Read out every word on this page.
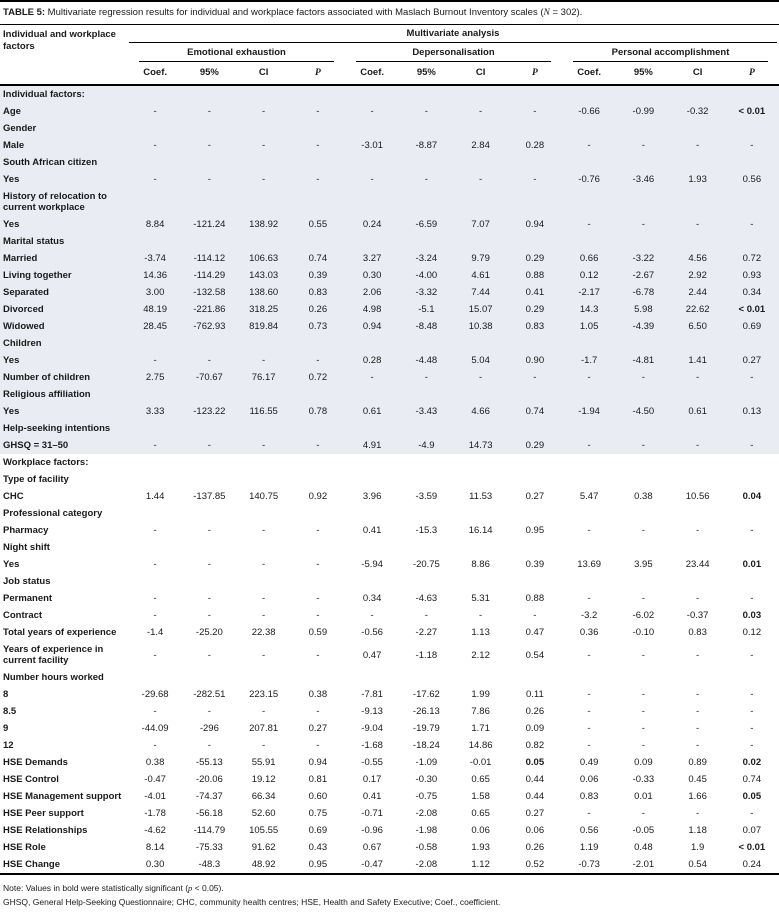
TABLE 5: Multivariate regression results for individual and workplace factors associated with Maslach Burnout Inventory scales (N = 302).
Individual and workplace factors	Multivariate analysis											

	Emotional exhaustion				Depersonalisation				Personal accomplishment			

	Coef.	95%	CI	P	Coef.	95%	CI	P	Coef.	95%	CI	P
Individual factors:												
Age	-	-	-	-	-	-	-	-	-0.66	-0.99	-0.32	< 0.01
Gender												
Male	-	-	-	-	-3.01	-8.87	2.84	0.28	-	-	-	-
South African citizen												
Yes	-	-	-	-	-	-	-	-	-0.76	-3.46	1.93	0.56
History of relocation to current workplace												
Yes	8.84	-121.24	138.92	0.55	0.24	-6.59	7.07	0.94	-	-	-	-
Marital status												
Married	-3.74	-114.12	106.63	0.74	3.27	-3.24	9.79	0.29	0.66	-3.22	4.56	0.72
Living together	14.36	-114.29	143.03	0.39	0.30	-4.00	4.61	0.88	0.12	-2.67	2.92	0.93
Separated	3.00	-132.58	138.60	0.83	2.06	-3.32	7.44	0.41	-2.17	-6.78	2.44	0.34
Divorced	48.19	-221.86	318.25	0.26	4.98	-5.1	15.07	0.29	14.3	5.98	22.62	< 0.01
Widowed	28.45	-762.93	819.84	0.73	0.94	-8.48	10.38	0.83	1.05	-4.39	6.50	0.69
Children												
Yes	-	-	-	-	0.28	-4.48	5.04	0.90	-1.7	-4.81	1.41	0.27
Number of children	2.75	-70.67	76.17	0.72	-	-	-	-	-	-	-	-
Religious affiliation												
Yes	3.33	-123.22	116.55	0.78	0.61	-3.43	4.66	0.74	-1.94	-4.50	0.61	0.13
Help-seeking intentions												
GHSQ = 31–50	-	-	-	-	4.91	-4.9	14.73	0.29	-	-	-	-
Workplace factors:												
Type of facility												
CHC	1.44	-137.85	140.75	0.92	3.96	-3.59	11.53	0.27	5.47	0.38	10.56	0.04
Professional category												
Pharmacy	-	-	-	-	0.41	-15.3	16.14	0.95	-	-	-	-
Night shift												
Yes	-	-	-	-	-5.94	-20.75	8.86	0.39	13.69	3.95	23.44	0.01
Job status												
Permanent	-	-	-	-	0.34	-4.63	5.31	0.88	-	-	-	-
Contract	-	-	-	-	-	-	-	-	-3.2	-6.02	-0.37	0.03
Total years of experience	-1.4	-25.20	22.38	0.59	-0.56	-2.27	1.13	0.47	0.36	-0.10	0.83	0.12
Years of experience in current facility	-	-	-	-	0.47	-1.18	2.12	0.54	-	-	-	-
Number hours worked												
8	-29.68	-282.51	223.15	0.38	-7.81	-17.62	1.99	0.11	-	-	-	-
8.5	-	-	-	-	-9.13	-26.13	7.86	0.26	-	-	-	-
9	-44.09	-296	207.81	0.27	-9.04	-19.79	1.71	0.09	-	-	-	-
12	-	-	-	-	-1.68	-18.24	14.86	0.82	-	-	-	-
HSE Demands	0.38	-55.13	55.91	0.94	-0.55	-1.09	-0.01	0.05	0.49	0.09	0.89	0.02
HSE Control	-0.47	-20.06	19.12	0.81	0.17	-0.30	0.65	0.44	0.06	-0.33	0.45	0.74
HSE Management support	-4.01	-74.37	66.34	0.60	0.41	-0.75	1.58	0.44	0.83	0.01	1.66	0.05
HSE Peer support	-1.78	-56.18	52.60	0.75	-0.71	-2.08	0.65	0.27	-	-	-	-
HSE Relationships	-4.62	-114.79	105.55	0.69	-0.96	-1.98	0.06	0.06	0.56	-0.05	1.18	0.07
HSE Role	8.14	-75.33	91.62	0.43	0.67	-0.58	1.93	0.26	1.19	0.48	1.9	< 0.01
HSE Change	0.30	-48.3	48.92	0.95	-0.47	-2.08	1.12	0.52	-0.73	-2.01	0.54	0.24
Note: Values in bold were statistically significant (p < 0.05).
GHSQ, General Help-Seeking Questionnaire; CHC, community health centres; HSE, Health and Safety Executive; Coef., coefficient.
